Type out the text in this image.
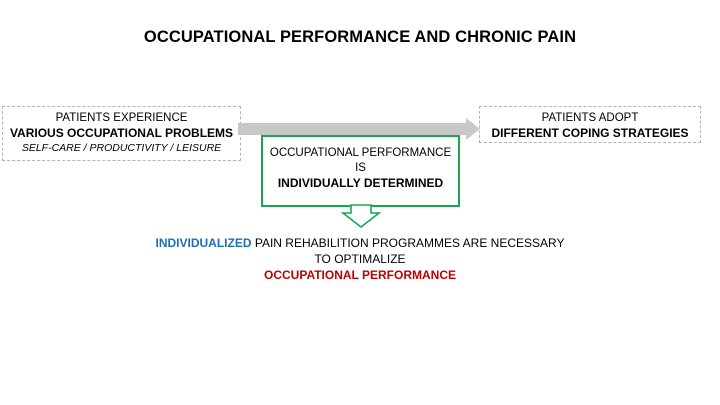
OCCUPATIONAL PERFORMANCE AND CHRONIC PAIN
PATIENTS EXPERIENCE
VARIOUS OCCUPATIONAL PROBLEMS
SELF-CARE / PRODUCTIVITY / LEISURE
PATIENTS ADOPT
DIFFERENT COPING STRATEGIES
OCCUPATIONAL PERFORMANCE
IS
INDIVIDUALLY DETERMINED
INDIVIDUALIZED PAIN REHABILITION PROGRAMMES ARE NECESSARY
TO OPTIMALIZE
OCCUPATIONAL PERFORMANCE
